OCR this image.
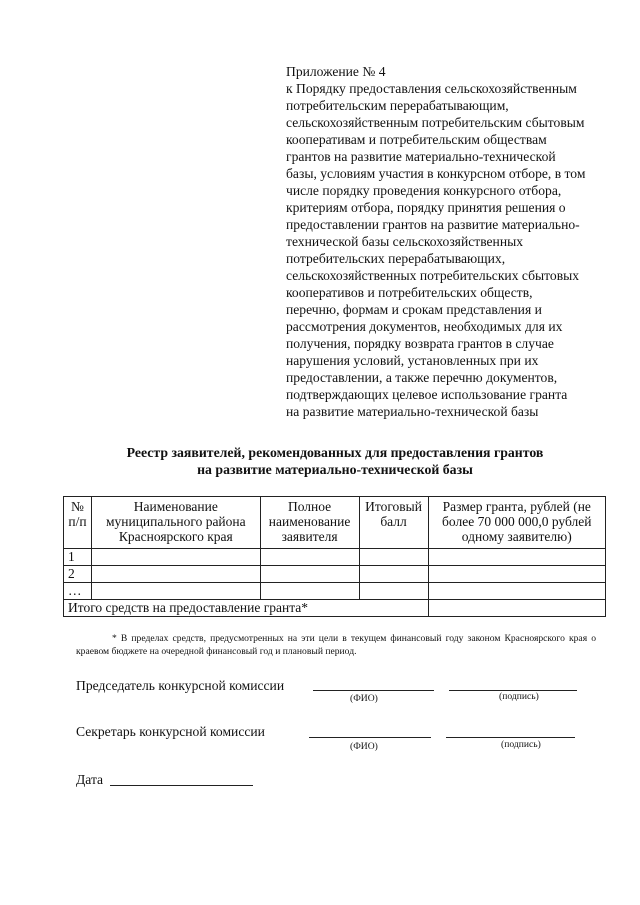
Приложение № 4
к Порядку предоставления сельскохозяйственным
потребительским перерабатывающим,
сельскохозяйственным потребительским сбытовым
кооперативам и потребительским обществам
грантов на развитие материально-технической
базы, условиям участия в конкурсном отборе, в том
числе порядку проведения конкурсного отбора,
критериям отбора, порядку принятия решения о
предоставлении грантов на развитие материально-
технической базы сельскохозяйственных
потребительских перерабатывающих,
сельскохозяйственных потребительских сбытовых
кооперативов и потребительских обществ,
перечню, формам и срокам представления и
рассмотрения документов, необходимых для их
получения, порядку возврата грантов в случае
нарушения условий, установленных при их
предоставлении, а также перечню документов,
подтверждающих целевое использование гранта
на развитие материально-технической базы
Реестр заявителей, рекомендованных для предоставления грантов
на развитие материально-технической базы
№ п/п	Наименование муниципального района Красноярского края	Полное наименование заявителя	Итоговый балл	Размер гранта, рублей (не более 70 000 000,0 рублей одному заявителю)
1				
2				
…				
Итого средств на предоставление гранта*				
* В пределах средств, предусмотренных на эти цели в текущем финансовый году законом Красноярского края о краевом бюджете на очередной финансовый год и плановый период.
Председатель конкурсной комиссии
(ФИО)	(подпись)
Секретарь конкурсной комиссии
(ФИО)	(подпись)
Дата
